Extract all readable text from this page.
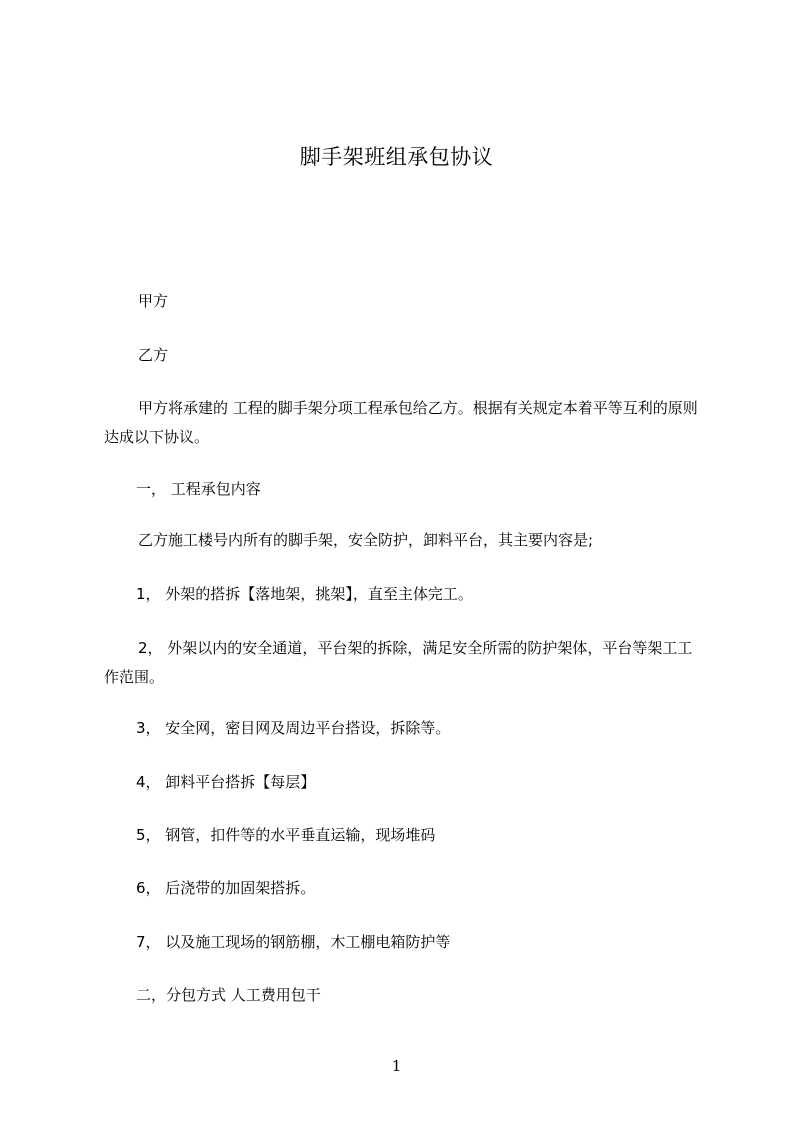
脚手架班组承包协议
甲方
乙方
甲方将承建的 工程的脚手架分项工程承包给乙方。根据有关规定本着平等互利的原则达成以下协议。
一， 工程承包内容
乙方施工楼号内所有的脚手架，安全防护，卸料平台，其主要内容是;
1， 外架的搭拆【落地架，挑架】，直至主体完工。
2， 外架以内的安全通道，平台架的拆除，满足安全所需的防护架体，平台等架工工作范围。
3， 安全网，密目网及周边平台搭设，拆除等。
4， 卸料平台搭拆【每层】
5， 钢管，扣件等的水平垂直运输，现场堆码
6， 后浇带的加固架搭拆。
7， 以及施工现场的钢筋棚，木工棚电箱防护等
二，分包方式 人工费用包干
1
